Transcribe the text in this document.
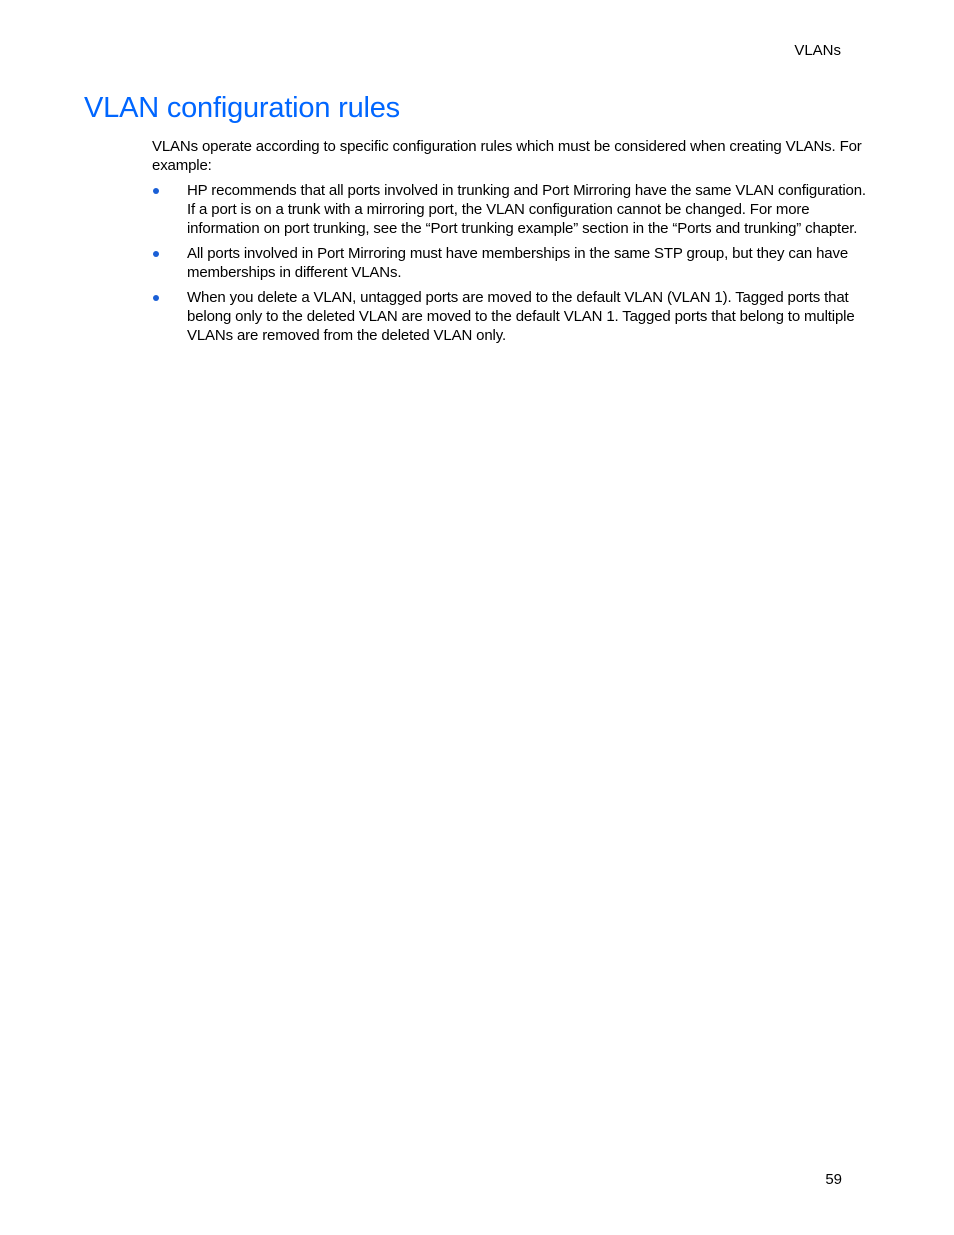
VLANs
VLAN configuration rules

VLANs operate according to specific configuration rules which must be considered when creating VLANs. For example:

HP recommends that all ports involved in trunking and Port Mirroring have the same VLAN configuration. If a port is on a trunk with a mirroring port, the VLAN configuration cannot be changed. For more information on port trunking, see the “Port trunking example” section in the “Ports and trunking” chapter.
All ports involved in Port Mirroring must have memberships in the same STP group, but they can have memberships in different VLANs.
When you delete a VLAN, untagged ports are moved to the default VLAN (VLAN 1). Tagged ports that belong only to the deleted VLAN are moved to the default VLAN 1. Tagged ports that belong to multiple VLANs are removed from the deleted VLAN only.
59
